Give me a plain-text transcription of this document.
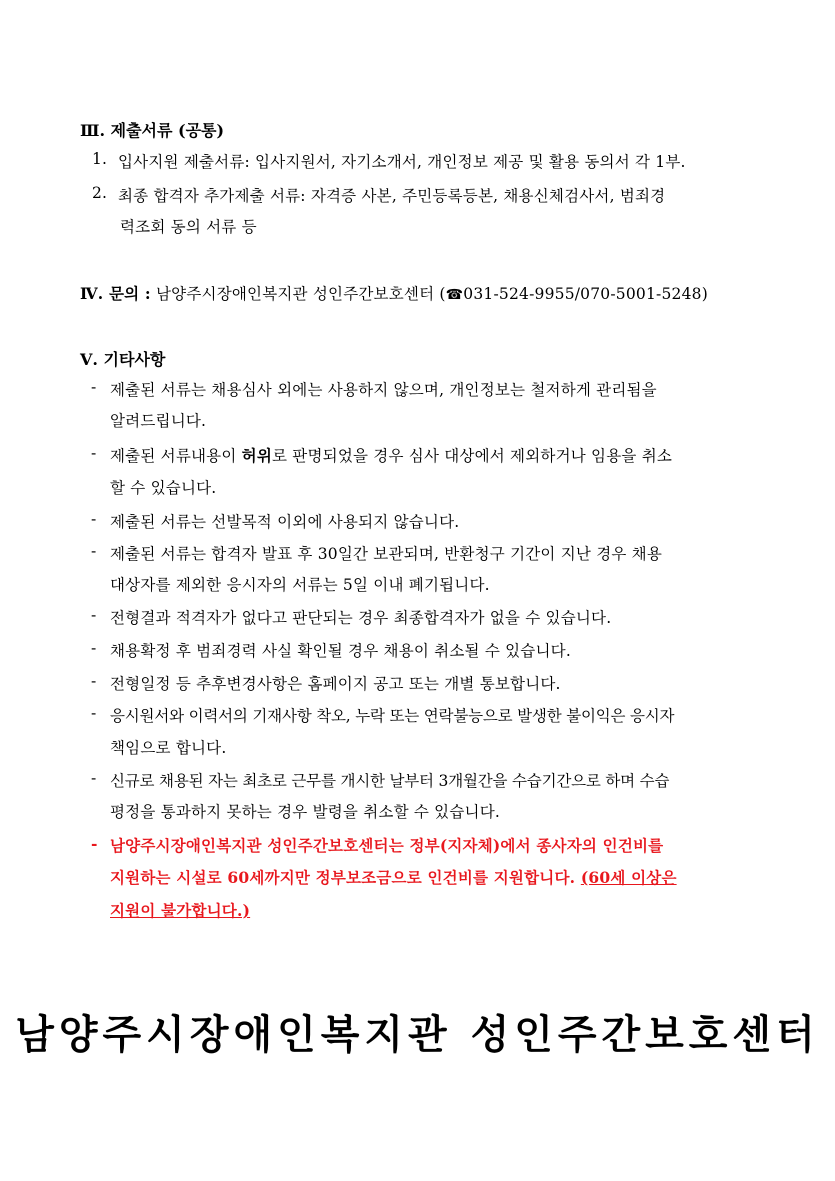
Ⅲ. 제출서류 (공통)
1. 입사지원 제출서류: 입사지원서, 자기소개서, 개인정보 제공 및 활용 동의서 각 1부.
2. 최종 합격자 추가제출 서류: 자격증 사본, 주민등록등본, 채용신체검사서, 범죄경
력조회 동의 서류 등
Ⅳ. 문의 : 남양주시장애인복지관 성인주간보호센터 (☎031-524-9955/070-5001-5248)
Ⅴ. 기타사항
- 제출된 서류는 채용심사 외에는 사용하지 않으며, 개인정보는 철저하게 관리됨을
알려드립니다.
- 제출된 서류내용이 허위로 판명되었을 경우 심사 대상에서 제외하거나 임용을 취소
할 수 있습니다.
- 제출된 서류는 선발목적 이외에 사용되지 않습니다.
- 제출된 서류는 합격자 발표 후 30일간 보관되며, 반환청구 기간이 지난 경우 채용
대상자를 제외한 응시자의 서류는 5일 이내 폐기됩니다.
- 전형결과 적격자가 없다고 판단되는 경우 최종합격자가 없을 수 있습니다.
- 채용확정 후 범죄경력 사실 확인될 경우 채용이 취소될 수 있습니다.
- 전형일정 등 추후변경사항은 홈페이지 공고 또는 개별 통보합니다.
- 응시원서와 이력서의 기재사항 착오, 누락 또는 연락불능으로 발생한 불이익은 응시자
책임으로 합니다.
- 신규로 채용된 자는 최초로 근무를 개시한 날부터 3개월간을 수습기간으로 하며 수습
평정을 통과하지 못하는 경우 발령을 취소할 수 있습니다.
- 남양주시장애인복지관 성인주간보호센터는 정부(지자체)에서 종사자의 인건비를
지원하는 시설로 60세까지만 정부보조금으로 인건비를 지원합니다. (60세 이상은
지원이 불가합니다.)
남양주시장애인복지관 성인주간보호센터
